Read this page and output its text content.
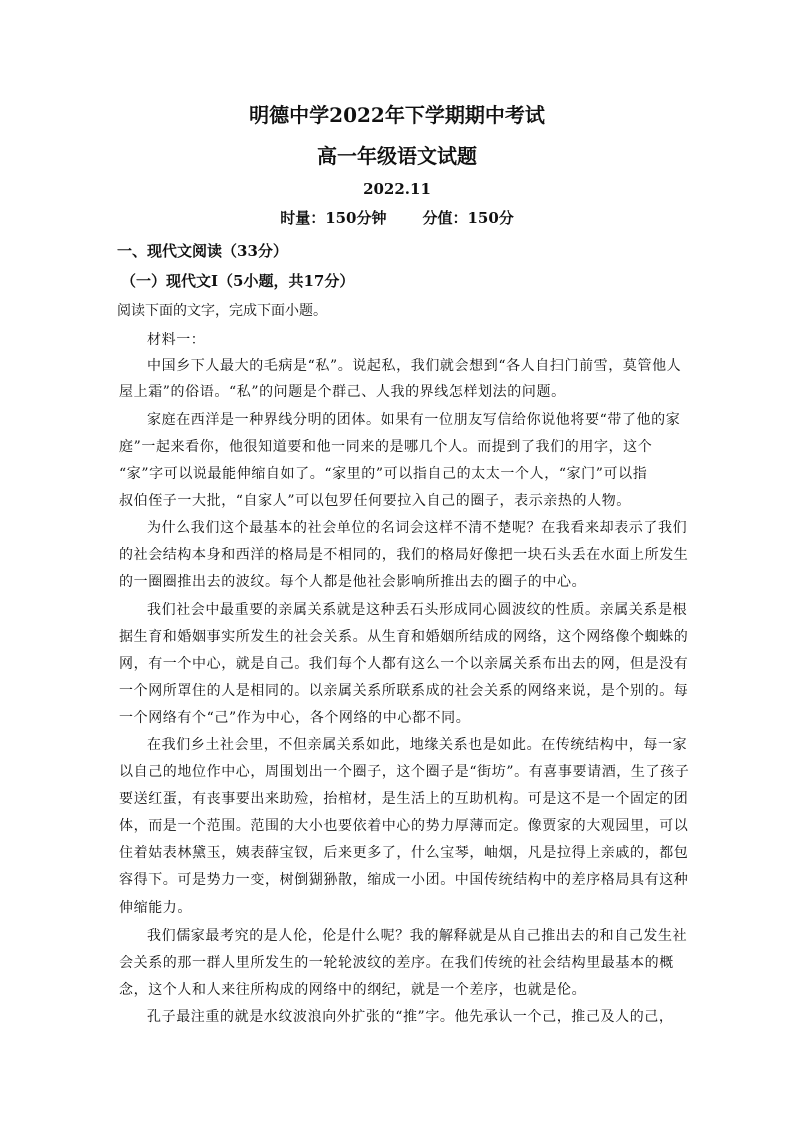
明德中学2022年下学期期中考试
高一年级语文试题
2022.11
时量：150分钟 分值：150分
一、现代文阅读（33分）
（一）现代文Ⅰ（5小题，共17分）
阅读下面的文字，完成下面小题。
材料一：
中国乡下人最大的毛病是“私”。说起私，我们就会想到“各人自扫门前雪，莫管他人
屋上霜”的俗语。“私”的问题是个群己、人我的界线怎样划法的问题。
家庭在西洋是一种界线分明的团体。如果有一位朋友写信给你说他将要“带了他的家
庭”一起来看你，他很知道要和他一同来的是哪几个人。而提到了我们的用字，这个
“家”字可以说最能伸缩自如了。“家里的”可以指自己的太太一个人，“家门”可以指
叔伯侄子一大批，“自家人”可以包罗任何要拉入自己的圈子，表示亲热的人物。
为什么我们这个最基本的社会单位的名词会这样不清不楚呢？在我看来却表示了我们
的社会结构本身和西洋的格局是不相同的，我们的格局好像把一块石头丢在水面上所发生
的一圈圈推出去的波纹。每个人都是他社会影响所推出去的圈子的中心。
我们社会中最重要的亲属关系就是这种丢石头形成同心圆波纹的性质。亲属关系是根
据生育和婚姻事实所发生的社会关系。从生育和婚姻所结成的网络，这个网络像个蜘蛛的
网，有一个中心，就是自己。我们每个人都有这么一个以亲属关系布出去的网，但是没有
一个网所罩住的人是相同的。以亲属关系所联系成的社会关系的网络来说，是个别的。每
一个网络有个“己”作为中心，各个网络的中心都不同。
在我们乡土社会里，不但亲属关系如此，地缘关系也是如此。在传统结构中，每一家
以自己的地位作中心，周围划出一个圈子，这个圈子是“街坊”。有喜事要请酒，生了孩子
要送红蛋，有丧事要出来助殓，抬棺材，是生活上的互助机构。可是这不是一个固定的团
体，而是一个范围。范围的大小也要依着中心的势力厚薄而定。像贾家的大观园里，可以
住着姑表林黛玉，姨表薛宝钗，后来更多了，什么宝琴，岫烟，凡是拉得上亲戚的，都包
容得下。可是势力一变，树倒猢狲散，缩成一小团。中国传统结构中的差序格局具有这种
伸缩能力。
我们儒家最考究的是人伦，伦是什么呢？我的解释就是从自己推出去的和自己发生社
会关系的那一群人里所发生的一轮轮波纹的差序。在我们传统的社会结构里最基本的概
念，这个人和人来往所构成的网络中的纲纪，就是一个差序，也就是伦。
孔子最注重的就是水纹波浪向外扩张的“推”字。他先承认一个己，推己及人的己，
